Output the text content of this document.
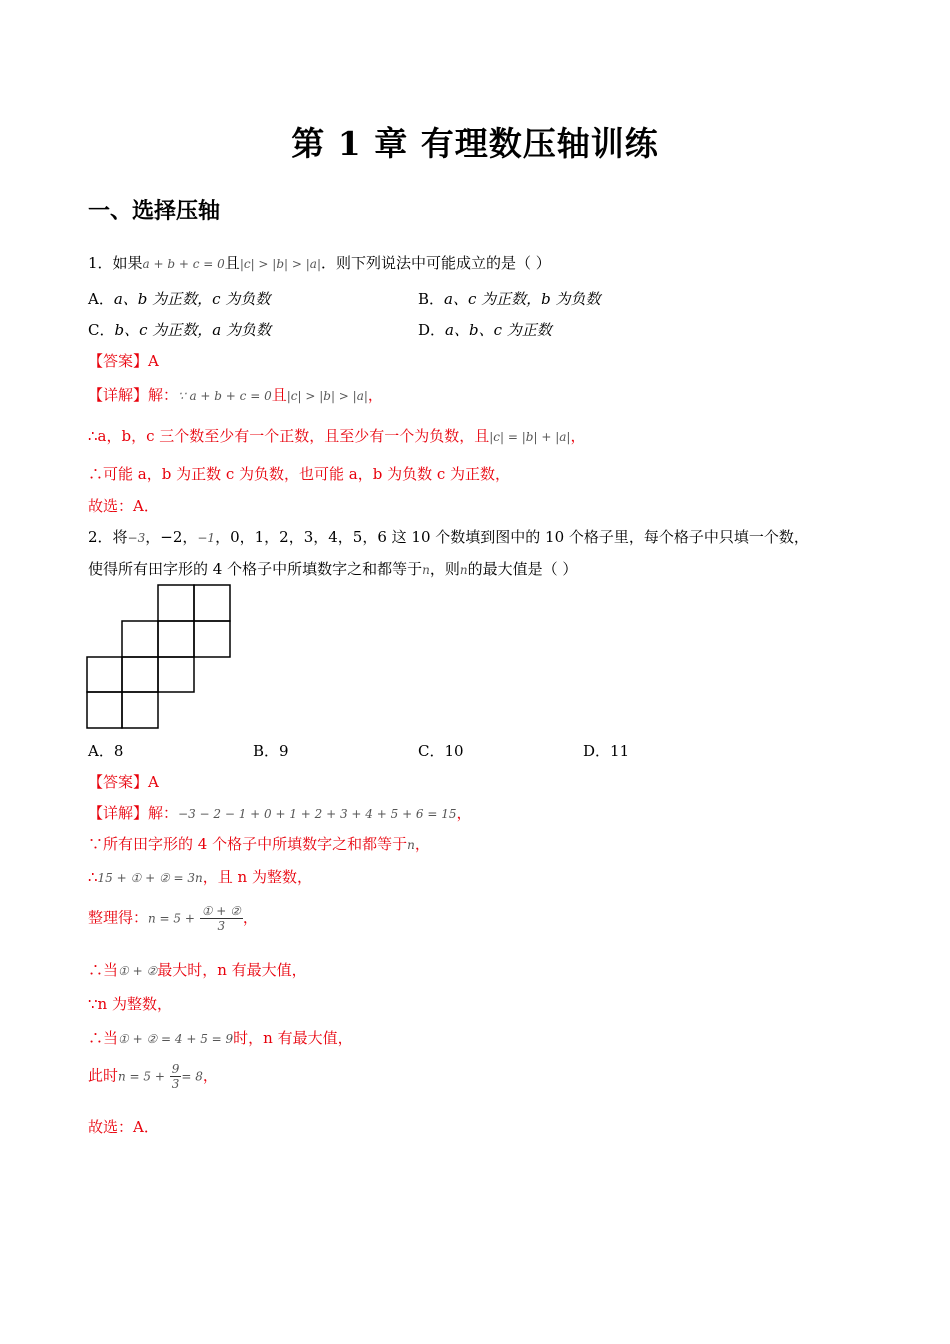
第 1 章 有理数压轴训练
一、选择压轴
1．如果a + b + c = 0且|c| > |b| > |a|．则下列说法中可能成立的是（ ）
A．a、b 为正数，c 为负数	B．a、c 为正数，b 为负数
C．b、c 为正数，a 为负数	D．a、b、c 为正数
【答案】A
【详解】解：∵ a + b + c = 0且|c| > |b| > |a|，
∴a，b，c 三个数至少有一个正数，且至少有一个为负数，且|c| = |b| + |a|，
∴可能 a，b 为正数 c 为负数，也可能 a，b 为负数 c 为正数，
故选：A．
2．将−3，−2，−1，0，1，2，3，4，5，6 这 10 个数填到图中的 10 个格子里，每个格子中只填一个数，
使得所有田字形的 4 个格子中所填数字之和都等于n，则n的最大值是（ ）
A．8	B．9	C．10	D．11
【答案】A
【详解】解：−3 − 2 − 1 + 0 + 1 + 2 + 3 + 4 + 5 + 6 = 15，
∵所有田字形的 4 个格子中所填数字之和都等于n，
∴15 + ① + ② = 3n，且 n 为整数，
整理得：$n = 5 + \frac{\text{① + ②}}{3}$ ，
∴当① + ②最大时，n 有最大值，
∵n 为整数，
∴当① + ② = 4 + 5 = 9时，n 有最大值，
此时$n = 5 + \frac{9}{3} = 8$，
故选：A．
